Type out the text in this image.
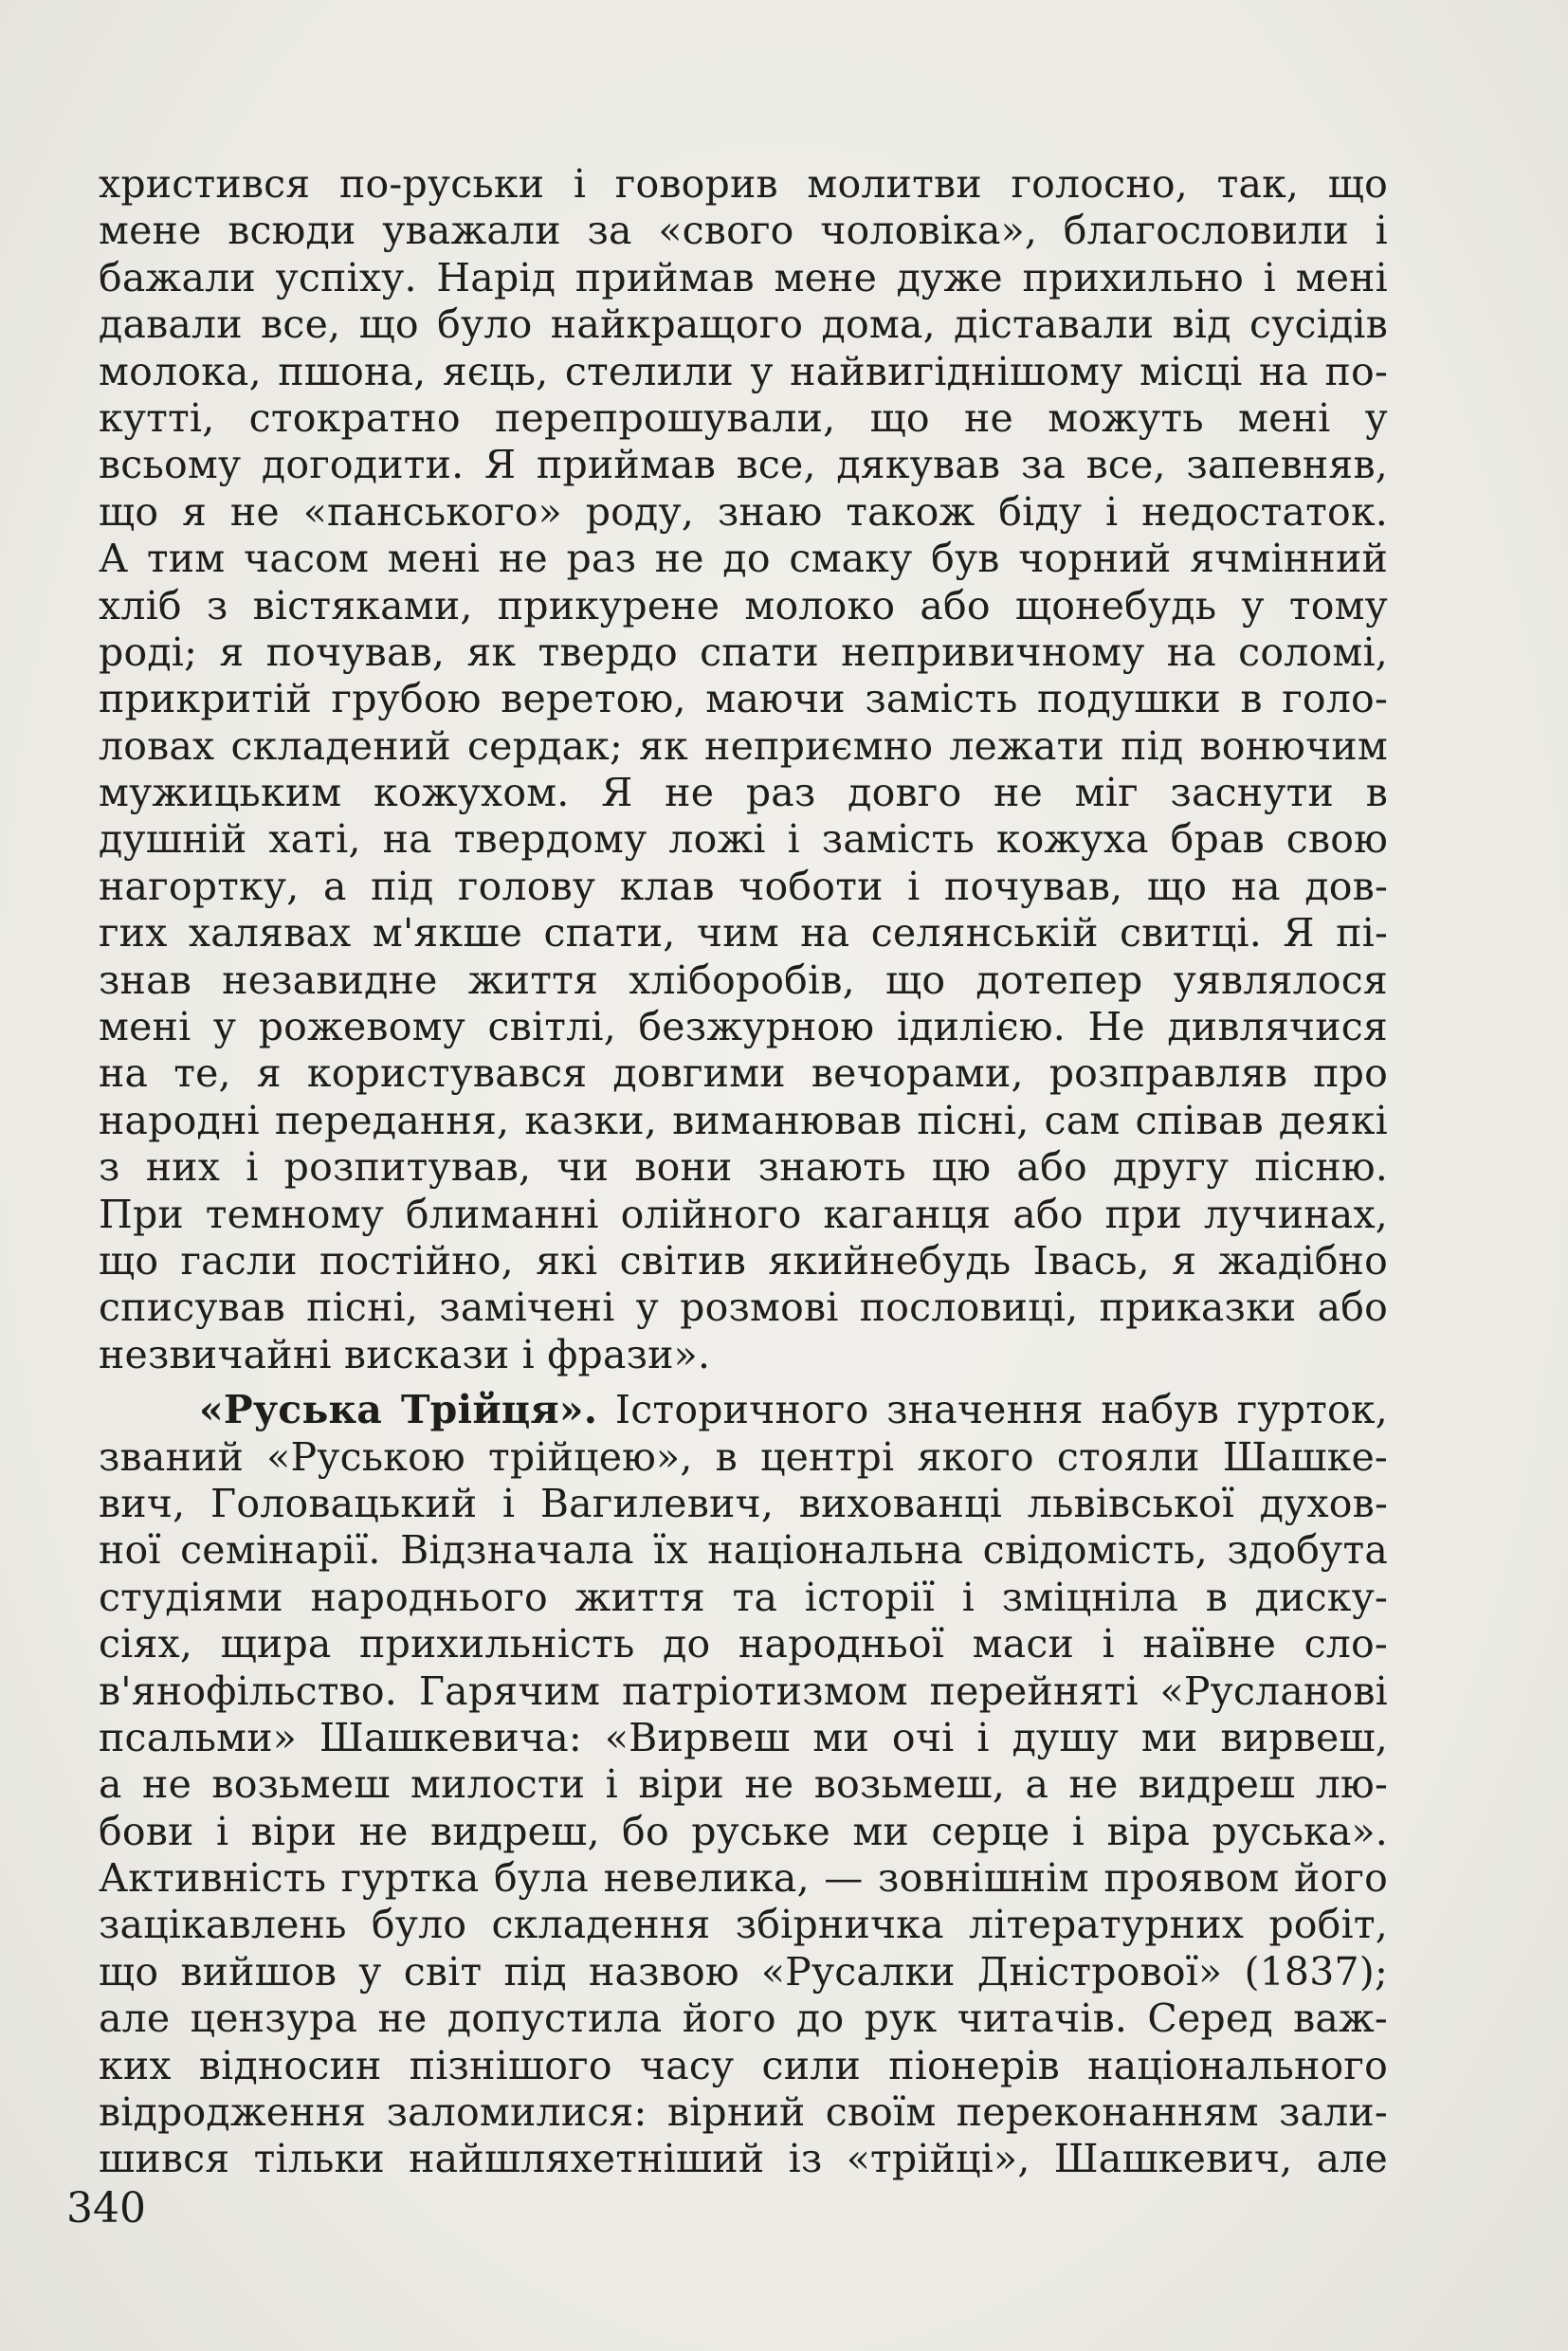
христився по-руськи і говорив молитви голосно, так, що
мене всюди уважали за «свого чоловіка», благословили і
бажали успіху. Нарід приймав мене дуже прихильно і мені
давали все, що було найкращого дома, діставали від сусідів
молока, пшона, яєць, стелили у найвигіднішому місці на по-
кутті, стократно перепрошували, що не можуть мені у
всьому догодити. Я приймав все, дякував за все, запевняв,
що я не «панського» роду, знаю також біду і недостаток.
А тим часом мені не раз не до смаку був чорний ячмінний
хліб з вістяками, прикурене молоко або щонебудь у тому
роді; я почував, як твердо спати непривичному на соломі,
прикритій грубою веретою, маючи замість подушки в голо-
ловах складений сердак; як неприємно лежати під вонючим
мужицьким кожухом. Я не раз довго не міг заснути в
душній хаті, на твердому ложі і замість кожуха брав свою
нагортку, а під голову клав чоботи і почував, що на дов-
гих халявах м'якше спати, чим на селянській свитці. Я пі-
знав незавидне життя хліборобів, що дотепер уявлялося
мені у рожевому світлі, безжурною ідилією. Не дивлячися
на те, я користувався довгими вечорами, розправляв про
народні передання, казки, виманював пісні, сам співав деякі
з них і розпитував, чи вони знають цю або другу пісню.
При темному блиманні олійного каганця або при лучинах,
що гасли постійно, які світив якийнебудь Івась, я жадібно
списував пісні, замічені у розмові пословиці, приказки або
незвичайні вискази і фрази».
«Руська Трійця». Історичного значення набув гурток,
званий «Руською трійцею», в центрі якого стояли Шашке-
вич, Головацький і Вагилевич, вихованці львівської духов-
ної семінарії. Відзначала їх національна свідомість, здобута
студіями народнього життя та історії і зміцніла в диску-
сіях, щира прихильність до народньої маси і наївне сло-
в'янофільство. Гарячим патріотизмом перейняті «Русланові
псальми» Шашкевича: «Вирвеш ми очі і душу ми вирвеш,
а не возьмеш милости і віри не возьмеш, а не видреш лю-
бови і віри не видреш, бо руське ми серце і віра руська».
Активність гуртка була невелика, — зовнішнім проявом його
зацікавлень було складення збірничка літературних робіт,
що вийшов у світ під назвою «Русалки Дністрової» (1837);
але цензура не допустила його до рук читачів. Серед важ-
ких відносин пізнішого часу сили піонерів національного
відродження заломилися: вірний своїм переконанням зали-
шився тільки найшляхетніший із «трійці», Шашкевич, але
340
